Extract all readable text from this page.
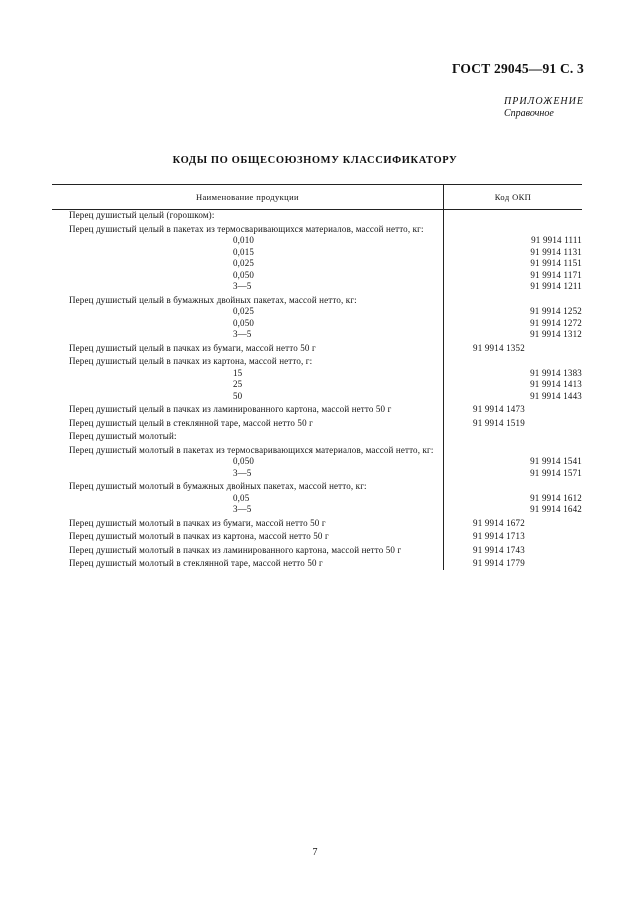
ГОСТ 29045—91 С. 3
ПРИЛОЖЕНИЕ
Справочное
КОДЫ ПО ОБЩЕСОЮЗНОМУ КЛАССИФИКАТОРУ
Наименование продукции	Код ОКП
Перец душистый целый (горошком):
Перец душистый целый в пакетах из термосваривающихся материалов, массой нетто, кг:
0,010	91 9914 1111
0,015	91 9914 1131
0,025	91 9914 1151
0,050	91 9914 1171
3—5	91 9914 1211
Перец душистый целый в бумажных двойных пакетах, массой нетто, кг:
0,025	91 9914 1252
0,050	91 9914 1272
3—5	91 9914 1312
Перец душистый целый в пачках из бумаги, массой нетто 50 г	91 9914 1352
Перец душистый целый в пачках из картона, массой нетто, г:
15	91 9914 1383
25	91 9914 1413
50	91 9914 1443
Перец душистый целый в пачках из ламинированного картона, массой нетто 50 г	91 9914 1473
Перец душистый целый в стеклянной таре, массой нетто 50 г	91 9914 1519
Перец душистый молотый:
Перец душистый молотый в пакетах из термосваривающихся материалов, массой нетто, кг:
0,050	91 9914 1541
3—5	91 9914 1571
Перец душистый молотый в бумажных двойных пакетах, массой нетто, кг:
0,05	91 9914 1612
3—5	91 9914 1642
Перец душистый молотый в пачках из бумаги, массой нетто 50 г	91 9914 1672
Перец душистый молотый в пачках из картона, массой нетто 50 г	91 9914 1713
Перец душистый молотый в пачках из ламинированного картона, массой нетто 50 г	91 9914 1743
Перец душистый молотый в стеклянной таре, массой нетто 50 г	91 9914 1779
7
